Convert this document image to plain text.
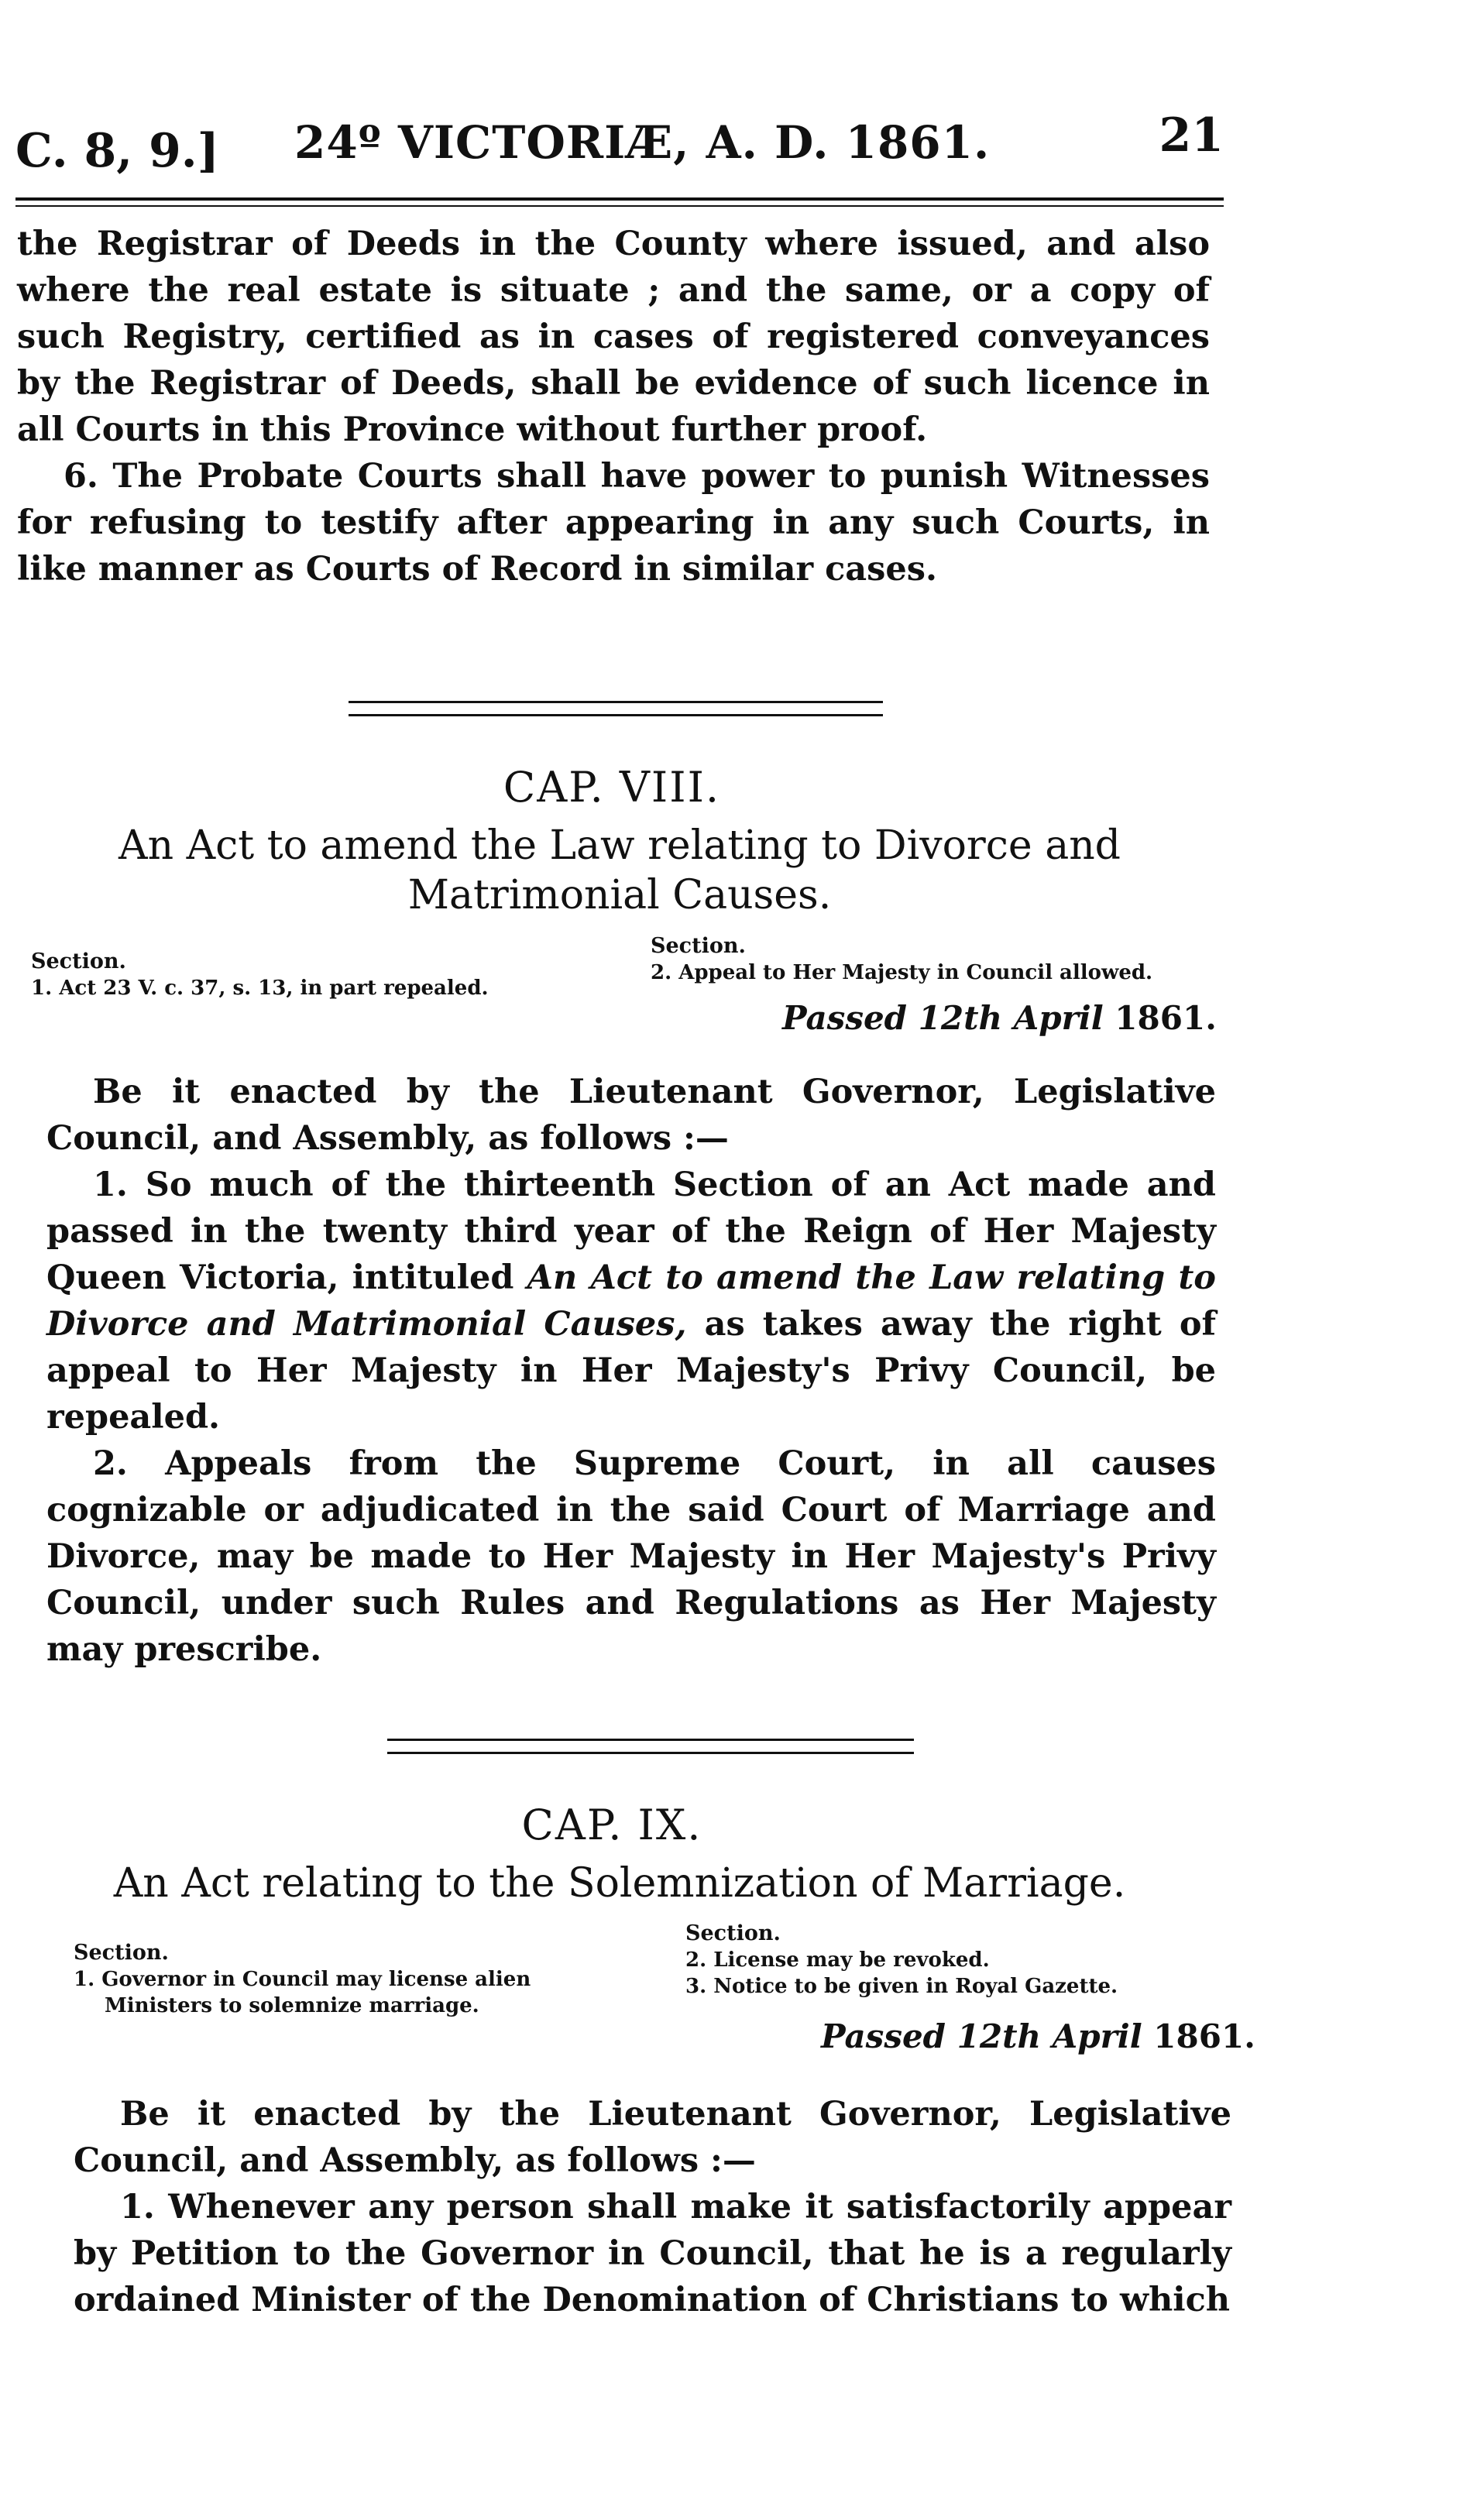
C. 8, 9.] 24º VICTORIÆ, A. D. 1861.	21

the Registrar of Deeds in the County where issued, and also where the real estate is situate ; and the same, or a copy of such Registry, certified as in cases of registered conveyances by the Registrar of Deeds, shall be evidence of such licence in all Courts in this Province without further proof.

6. The Probate Courts shall have power to punish Witnesses for refusing to testify after appearing in any such Courts, in like manner as Courts of Record in similar cases.

CAP. VIII.
An Act to amend the Law relating to Divorce and Matrimonial Causes.
Section.
1. Act 23 V. c. 37, s. 13, in part repealed.
Section.
2. Appeal to Her Majesty in Council allowed.
Passed 12th April 1861.

Be it enacted by the Lieutenant Governor, Legislative Council, and Assembly, as follows :—

1. So much of the thirteenth Section of an Act made and passed in the twenty third year of the Reign of Her Majesty Queen Victoria, intituled An Act to amend the Law relating to Divorce and Matrimonial Causes, as takes away the right of appeal to Her Majesty in Her Majesty's Privy Council, be repealed.

2. Appeals from the Supreme Court, in all causes cognizable or adjudicated in the said Court of Marriage and Divorce, may be made to Her Majesty in Her Majesty's Privy Council, under such Rules and Regulations as Her Majesty may prescribe.

CAP. IX.
An Act relating to the Solemnization of Marriage.
Section.
1. Governor in Council may license alien
Ministers to solemnize marriage.
Section.
2. License may be revoked.
3. Notice to be given in Royal Gazette.
Passed 12th April 1861.

Be it enacted by the Lieutenant Governor, Legislative Council, and Assembly, as follows :—

1. Whenever any person shall make it satisfactorily appear by Petition to the Governor in Council, that he is a regularly ordained Minister of the Denomination of Christians to which
